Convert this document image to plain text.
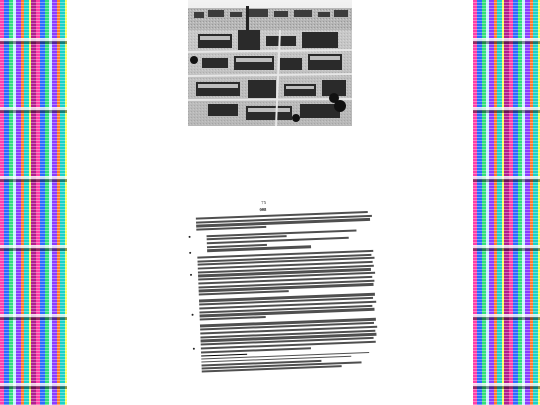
75
008
